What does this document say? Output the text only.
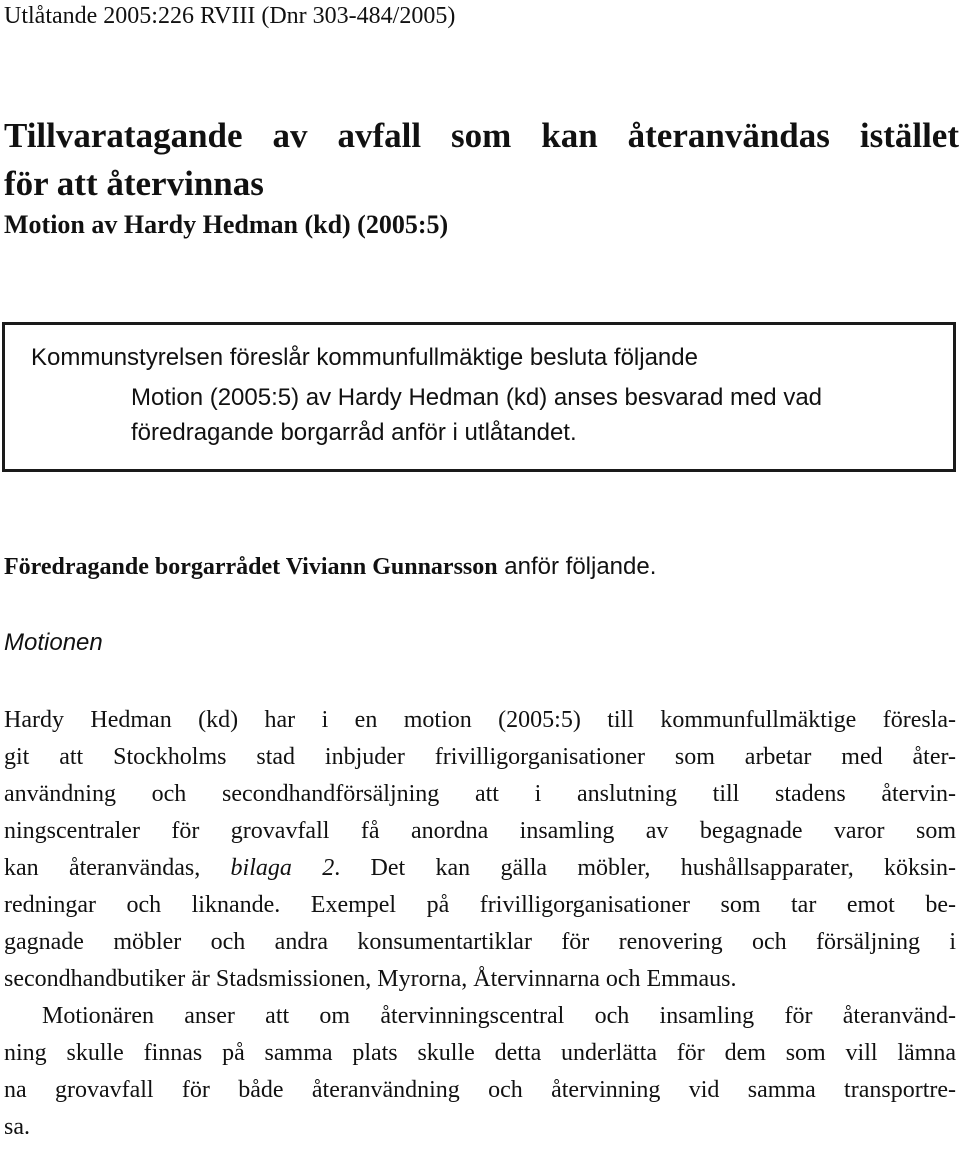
Utlåtande 2005:226 RVIII (Dnr 303-484/2005)
Tillvaratagande av avfall som kan återanvändas istället
för att återvinnas
Motion av Hardy Hedman (kd) (2005:5)
Kommunstyrelsen föreslår kommunfullmäktige besluta följande
Motion (2005:5) av Hardy Hedman (kd) anses besvarad med vad
föredragande borgarråd anför i utlåtandet.
Föredragande borgarrådet Viviann Gunnarsson anför följande.
Motionen
Hardy Hedman (kd) har i en motion (2005:5) till kommunfullmäktige föresla-
git att Stockholms stad inbjuder frivilligorganisationer som arbetar med åter-
användning och secondhandförsäljning att i anslutning till stadens återvin-
ningscentraler för grovavfall få anordna insamling av begagnade varor som
kan återanvändas, bilaga 2. Det kan gälla möbler, hushållsapparater, köksin-
redningar och liknande. Exempel på frivilligorganisationer som tar emot be-
gagnade möbler och andra konsumentartiklar för renovering och försäljning i
secondhandbutiker är Stadsmissionen, Myrorna, Återvinnarna och Emmaus.
Motionären anser att om återvinningscentral och insamling för återanvänd-
ning skulle finnas på samma plats skulle detta underlätta för dem som vill lämna
na grovavfall för både återanvändning och återvinning vid samma transportre-
sa.
